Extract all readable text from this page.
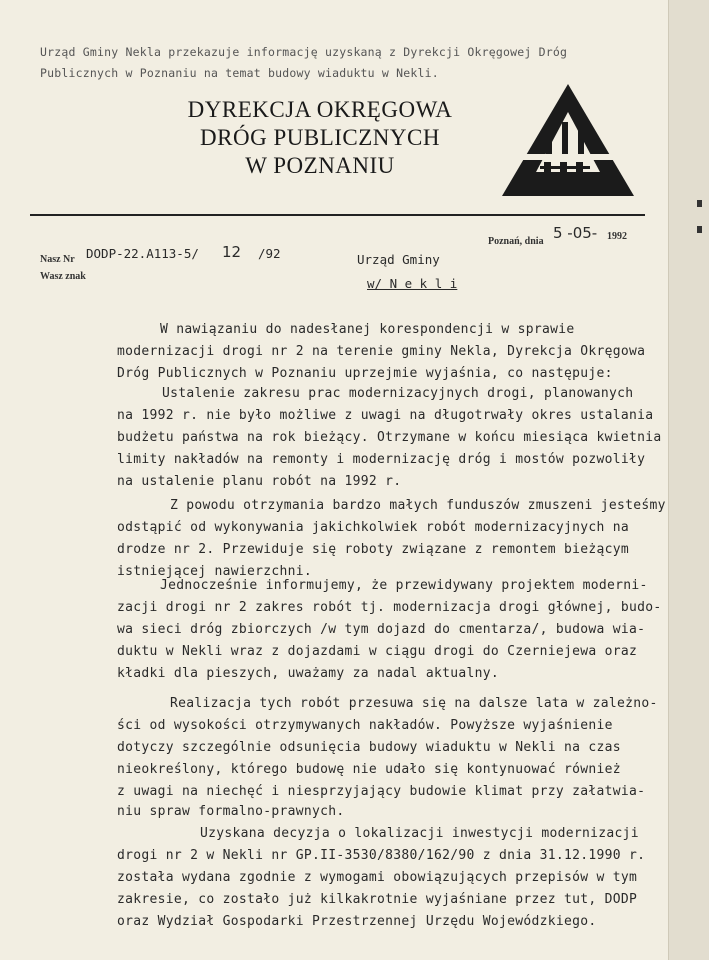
Urząd Gminy Nekla przekazuje informację uzyskaną z Dyrekcji Okręgowej Dróg
Publicznych w Poznaniu na temat budowy wiaduktu w Nekli.
DYREKCJA OKRĘGOWA
DRÓG PUBLICZNYCH
W POZNANIU
Poznań, dnia 5 -05- 1992
Nasz Nr DODP-22.A113-5/ 12 /92
Wasz znak
Urząd Gminy
w/ N e k l i
W nawiązaniu do nadesłanej korespondencji w sprawie
modernizacji drogi nr 2 na terenie gminy Nekla, Dyrekcja Okręgowa
Dróg Publicznych w Poznaniu uprzejmie wyjaśnia, co następuje:
Ustalenie zakresu prac modernizacyjnych drogi, planowanych
na 1992 r. nie było możliwe z uwagi na długotrwały okres ustalania
budżetu państwa na rok bieżący. Otrzymane w końcu miesiąca kwietnia
limity nakładów na remonty i modernizację dróg i mostów pozwoliły
na ustalenie planu robót na 1992 r.
Z powodu otrzymania bardzo małych funduszów zmuszeni jesteśmy
odstąpić od wykonywania jakichkolwiek robót modernizacyjnych na
drodze nr 2. Przewiduje się roboty związane z remontem bieżącym
istniejącej nawierzchni.
Jednocześnie informujemy, że przewidywany projektem moderni-
zacji drogi nr 2 zakres robót tj. modernizacja drogi głównej, budo-
wa sieci dróg zbiorczych /w tym dojazd do cmentarza/, budowa wia-
duktu w Nekli wraz z dojazdami w ciągu drogi do Czerniejewa oraz
kładki dla pieszych, uważamy za nadal aktualny.
Realizacja tych robót przesuwa się na dalsze lata w zależno-
ści od wysokości otrzymywanych nakładów. Powyższe wyjaśnienie
dotyczy szczególnie odsunięcia budowy wiaduktu w Nekli na czas
nieokreślony, którego budowę nie udało się kontynuować również
z uwagi na niechęć i niesprzyjający budowie klimat przy załatwia-
niu spraw formalno-prawnych.
Uzyskana decyzja o lokalizacji inwestycji modernizacji
drogi nr 2 w Nekli nr GP.II-3530/8380/162/90 z dnia 31.12.1990 r.
została wydana zgodnie z wymogami obowiązujących przepisów w tym
zakresie, co zostało już kilkakrotnie wyjaśniane przez tut, DODP
oraz Wydział Gospodarki Przestrzennej Urzędu Wojewódzkiego.
